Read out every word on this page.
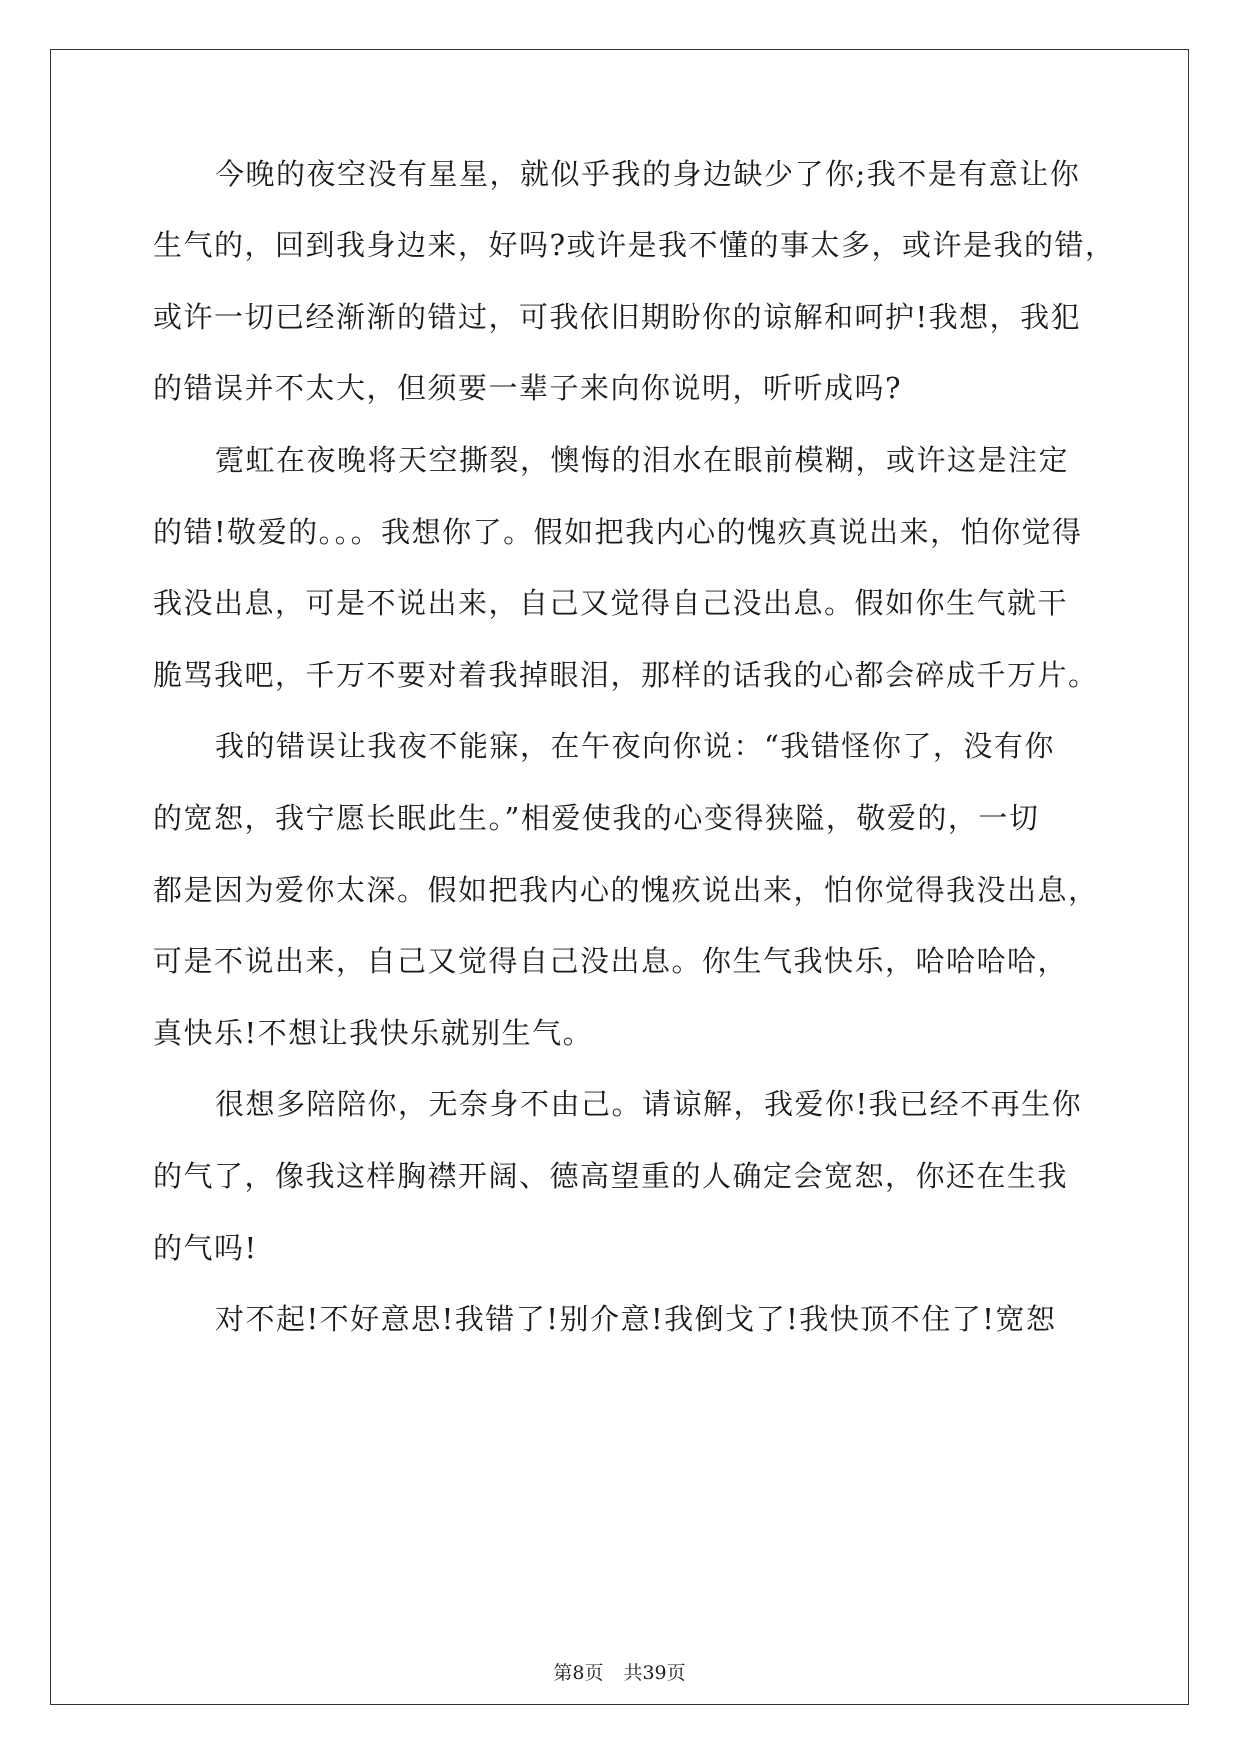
今晚的夜空没有星星，就似乎我的身边缺少了你;我不是有意让你
生气的，回到我身边来，好吗?或许是我不懂的事太多，或许是我的错，
或许一切已经渐渐的错过，可我依旧期盼你的谅解和呵护!我想，我犯
的错误并不太大，但须要一辈子来向你说明，听听成吗?
霓虹在夜晚将天空撕裂，懊悔的泪水在眼前模糊，或许这是注定
的错!敬爱的。。。我想你了。假如把我内心的愧疚真说出来，怕你觉得
我没出息，可是不说出来，自己又觉得自己没出息。假如你生气就干
脆骂我吧，千万不要对着我掉眼泪，那样的话我的心都会碎成千万片。
我的错误让我夜不能寐，在午夜向你说：“我错怪你了，没有你
的宽恕，我宁愿长眠此生。”相爱使我的心变得狭隘，敬爱的，一切
都是因为爱你太深。假如把我内心的愧疚说出来，怕你觉得我没出息，
可是不说出来，自己又觉得自己没出息。你生气我快乐，哈哈哈哈，
真快乐!不想让我快乐就别生气。
很想多陪陪你，无奈身不由己。请谅解，我爱你!我已经不再生你
的气了，像我这样胸襟开阔、德高望重的人确定会宽恕，你还在生我
的气吗!
对不起!不好意思!我错了!别介意!我倒戈了!我快顶不住了!宽恕
第8页 共39页
